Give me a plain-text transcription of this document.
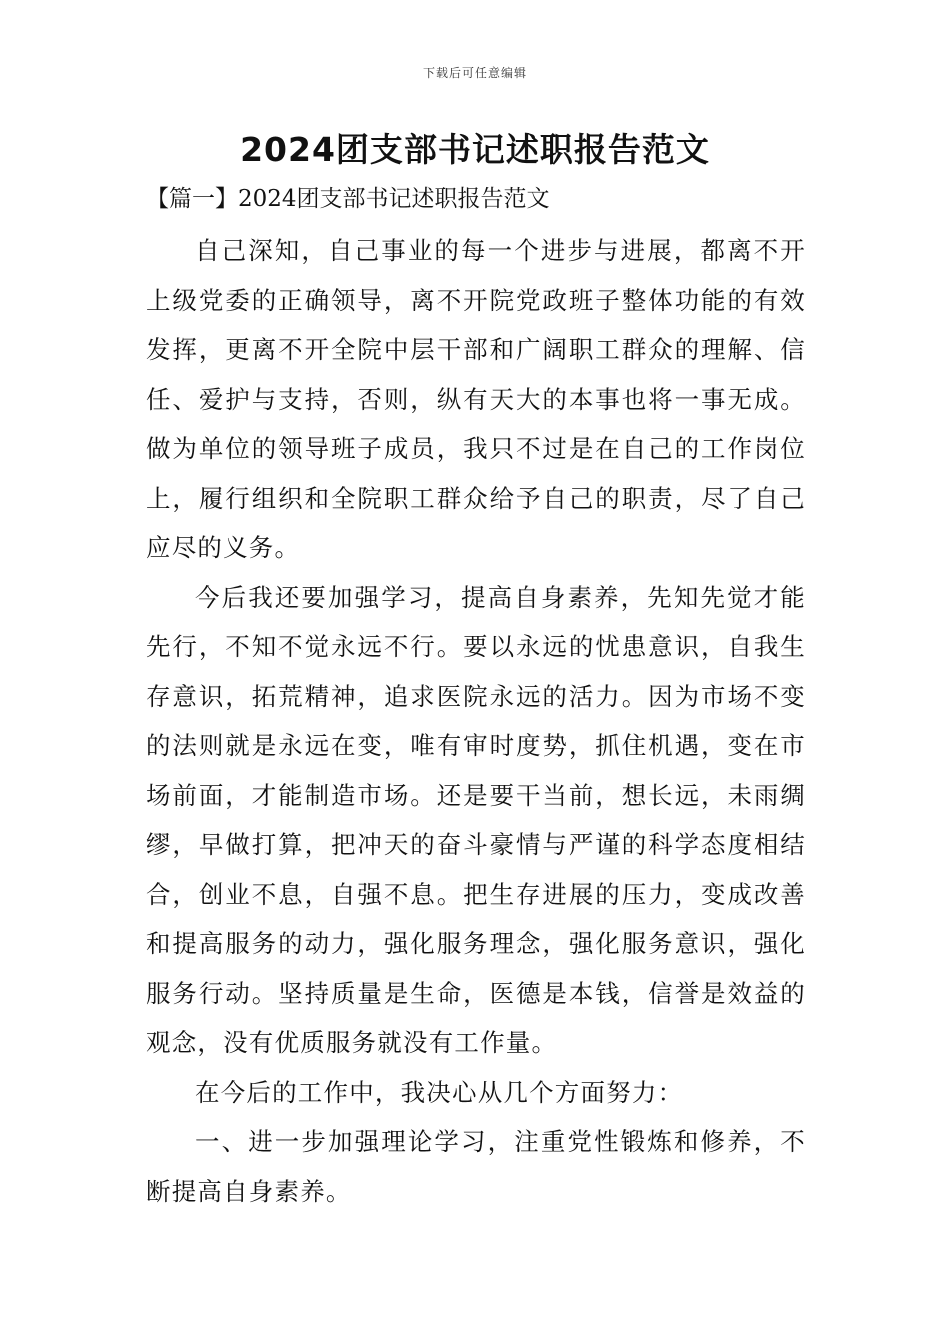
下载后可任意编辑
2024团支部书记述职报告范文
【篇一】2024团支部书记述职报告范文

自己深知，自己事业的每一个进步与进展，都离不开上级党委的正确领导，离不开院党政班子整体功能的有效发挥，更离不开全院中层干部和广阔职工群众的理解、信任、爱护与支持，否则，纵有天大的本事也将一事无成。做为单位的领导班子成员，我只不过是在自己的工作岗位上，履行组织和全院职工群众给予自己的职责，尽了自己应尽的义务。

今后我还要加强学习，提高自身素养，先知先觉才能先行，不知不觉永远不行。要以永远的忧患意识，自我生存意识，拓荒精神，追求医院永远的活力。因为市场不变的法则就是永远在变，唯有审时度势，抓住机遇，变在市场前面，才能制造市场。还是要干当前，想长远，未雨绸缪，早做打算，把冲天的奋斗豪情与严谨的科学态度相结合，创业不息，自强不息。把生存进展的压力，变成改善和提高服务的动力，强化服务理念，强化服务意识，强化服务行动。坚持质量是生命，医德是本钱，信誉是效益的观念，没有优质服务就没有工作量。

在今后的工作中，我决心从几个方面努力：

一、进一步加强理论学习，注重党性锻炼和修养，不断提高自身素养。
